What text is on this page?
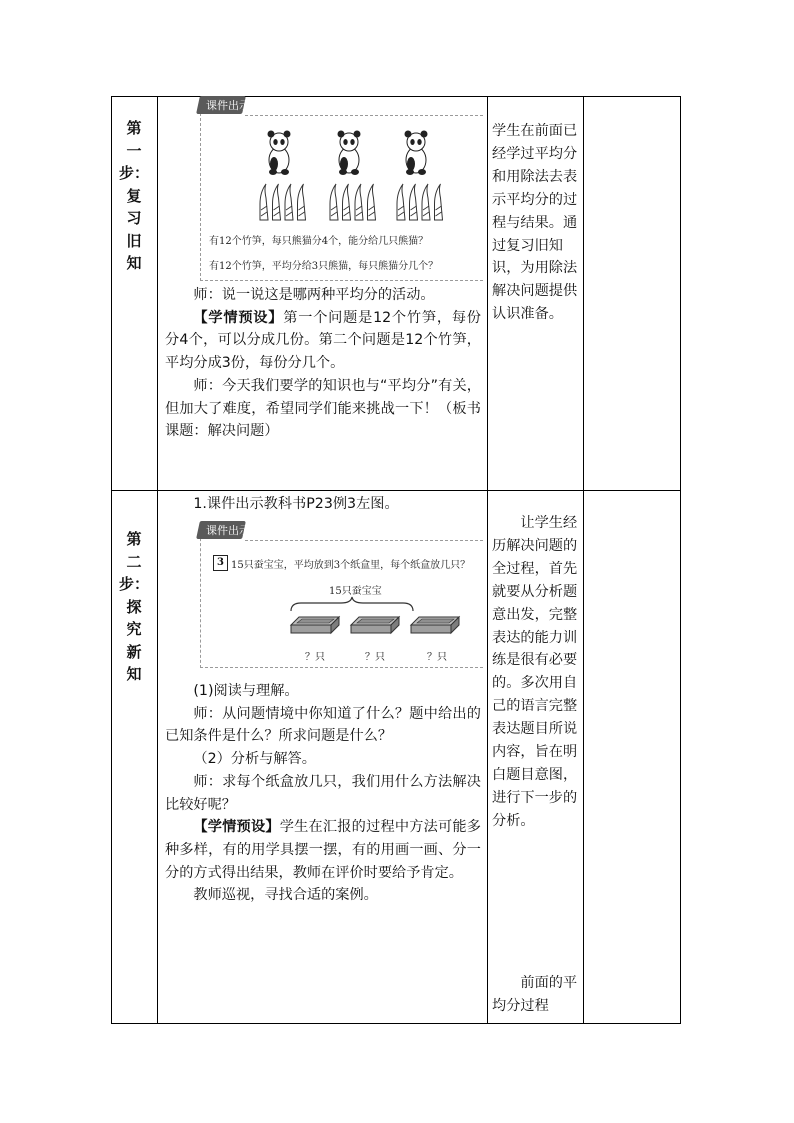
第
一
步：
复
习
旧
知
课件出示
有12个竹笋，每只熊猫分4个，能分给几只熊猫？
有12个竹笋，平均分给3只熊猫，每只熊猫分几个？

师：说一说这是哪两种平均分的活动。

【学情预设】第一个问题是12个竹笋，每份分4个，可以分成几份。第二个问题是12个竹笋，平均分成3份，每份分几个。

师：今天我们要学的知识也与“平均分”有关，但加大了难度，希望同学们能来挑战一下！（板书课题：解决问题）

学生在前面已经学过平均分和用除法去表示平均分的过程与结果。通过复习旧知识，为用除法解决问题提供认识准备。

第
二
步：
探
究
新
知

1.课件出示教科书P23例3左图。

课件出示
3 15只蚕宝宝，平均放到3个纸盒里，每个纸盒放几只？
15只蚕宝宝
？只	？只	？只

(1)阅读与理解。

师：从问题情境中你知道了什么？题中给出的已知条件是什么？所求问题是什么？

（2）分析与解答。

师：求每个纸盒放几只，我们用什么方法解决比较好呢？

【学情预设】学生在汇报的过程中方法可能多种多样，有的用学具摆一摆，有的用画一画、分一分的方式得出结果，教师在评价时要给予肯定。

教师巡视，寻找合适的案例。

让学生经历解决问题的全过程，首先就要从分析题意出发，完整表达的能力训练是很有必要的。多次用自己的语言完整表达题目所说内容，旨在明白题目意图，进行下一步的分析。

前面的平均分过程
